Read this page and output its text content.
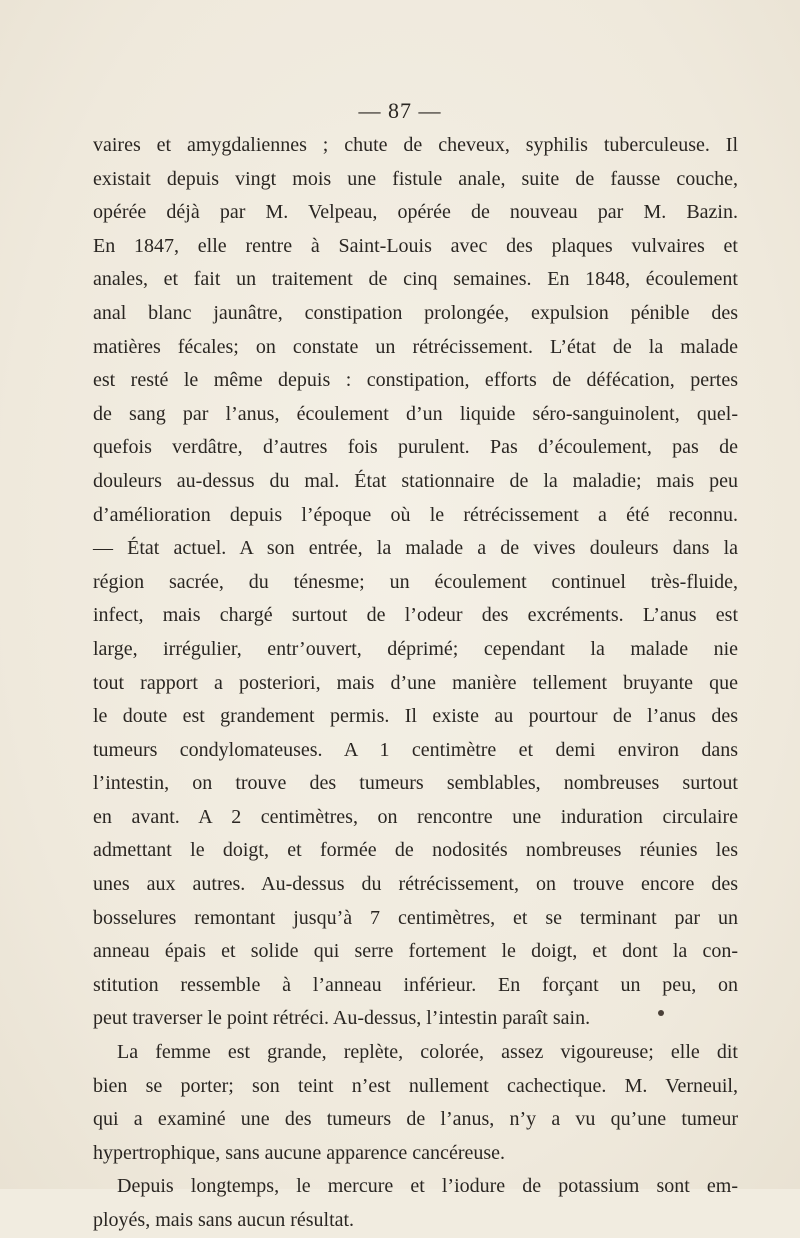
— 87 —
vaires et amygdaliennes ; chute de cheveux, syphilis tuberculeuse. Il
existait depuis vingt mois une fistule anale, suite de fausse couche,
opérée déjà par M. Velpeau, opérée de nouveau par M. Bazin.
En 1847, elle rentre à Saint-Louis avec des plaques vulvaires et
anales, et fait un traitement de cinq semaines. En 1848, écoulement
anal blanc jaunâtre, constipation prolongée, expulsion pénible des
matières fécales; on constate un rétrécissement. L’état de la malade
est resté le même depuis : constipation, efforts de défécation, pertes
de sang par l’anus, écoulement d’un liquide séro-sanguinolent, quel-
quefois verdâtre, d’autres fois purulent. Pas d’écoulement, pas de
douleurs au-dessus du mal. État stationnaire de la maladie; mais peu
d’amélioration depuis l’époque où le rétrécissement a été reconnu.
— État actuel. A son entrée, la malade a de vives douleurs dans la
région sacrée, du ténesme; un écoulement continuel très-fluide,
infect, mais chargé surtout de l’odeur des excréments. L’anus est
large, irrégulier, entr’ouvert, déprimé; cependant la malade nie
tout rapport a posteriori, mais d’une manière tellement bruyante que
le doute est grandement permis. Il existe au pourtour de l’anus des
tumeurs condylomateuses. A 1 centimètre et demi environ dans
l’intestin, on trouve des tumeurs semblables, nombreuses surtout
en avant. A 2 centimètres, on rencontre une induration circulaire
admettant le doigt, et formée de nodosités nombreuses réunies les
unes aux autres. Au-dessus du rétrécissement, on trouve encore des
bosselures remontant jusqu’à 7 centimètres, et se terminant par un
anneau épais et solide qui serre fortement le doigt, et dont la con-
stitution ressemble à l’anneau inférieur. En forçant un peu, on
peut traverser le point rétréci. Au-dessus, l’intestin paraît sain.
La femme est grande, replète, colorée, assez vigoureuse; elle dit
bien se porter; son teint n’est nullement cachectique. M. Verneuil,
qui a examiné une des tumeurs de l’anus, n’y a vu qu’une tumeur
hypertrophique, sans aucune apparence cancéreuse.
Depuis longtemps, le mercure et l’iodure de potassium sont em-
ployés, mais sans aucun résultat.
